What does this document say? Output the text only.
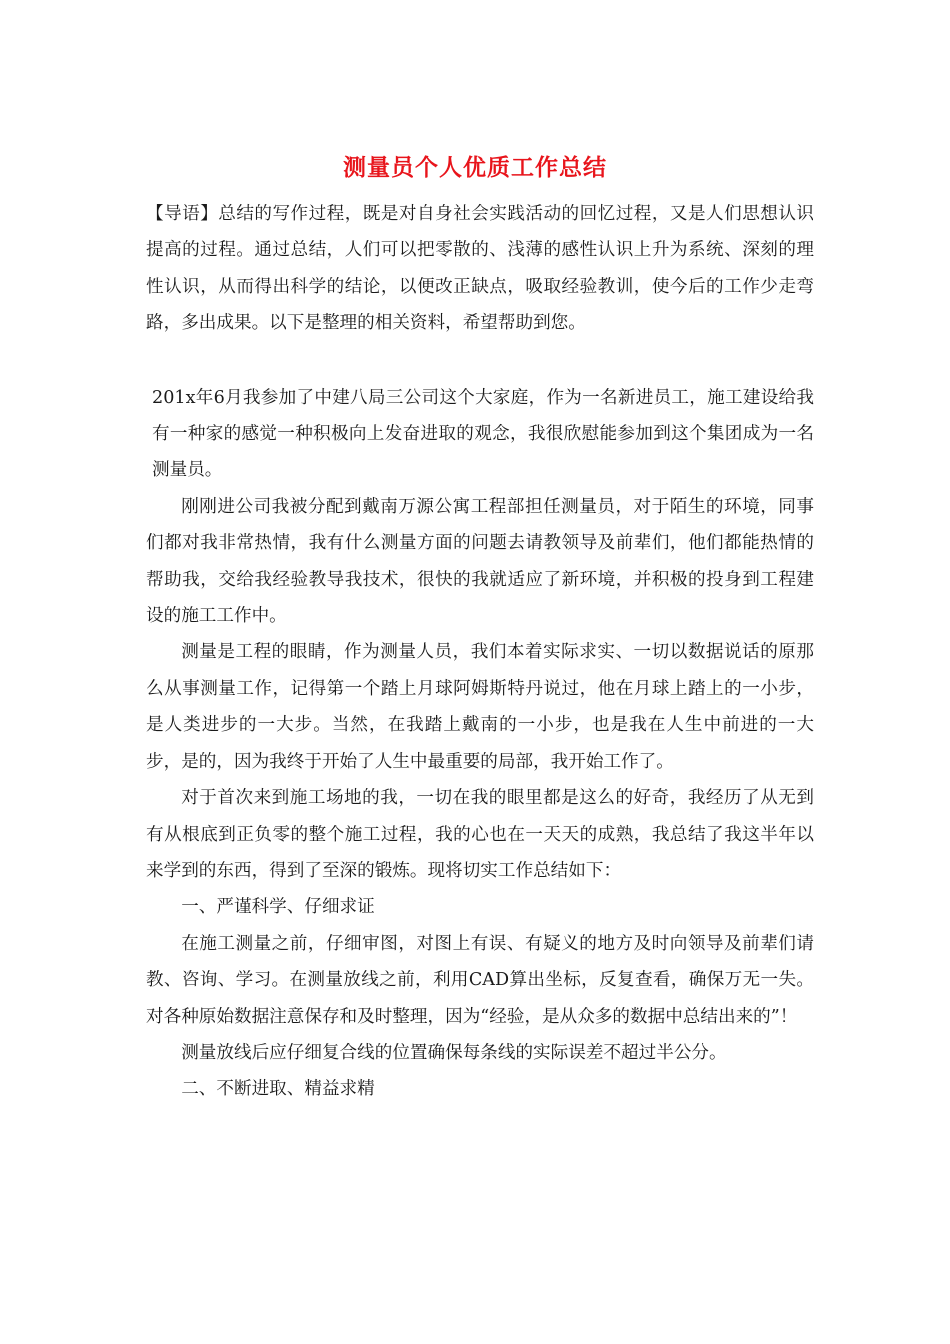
测量员个人优质工作总结

【导语】总结的写作过程，既是对自身社会实践活动的回忆过程，又是人们思想认识提高的过程。通过总结，人们可以把零散的、浅薄的感性认识上升为系统、深刻的理性认识，从而得出科学的结论，以便改正缺点，吸取经验教训，使今后的工作少走弯路，多出成果。以下是整理的相关资料，希望帮助到您。

201x年6月我参加了中建八局三公司这个大家庭，作为一名新进员工，施工建设给我有一种家的感觉一种积极向上发奋进取的观念，我很欣慰能参加到这个集团成为一名测量员。

刚刚进公司我被分配到戴南万源公寓工程部担任测量员，对于陌生的环境，同事们都对我非常热情，我有什么测量方面的问题去请教领导及前辈们，他们都能热情的帮助我，交给我经验教导我技术，很快的我就适应了新环境，并积极的投身到工程建设的施工工作中。

测量是工程的眼睛，作为测量人员，我们本着实际求实、一切以数据说话的原那么从事测量工作，记得第一个踏上月球阿姆斯特丹说过，他在月球上踏上的一小步，是人类进步的一大步。当然，在我踏上戴南的一小步，也是我在人生中前进的一大步，是的，因为我终于开始了人生中最重要的局部，我开始工作了。

对于首次来到施工场地的我，一切在我的眼里都是这么的好奇，我经历了从无到有从根底到正负零的整个施工过程，我的心也在一天天的成熟，我总结了我这半年以来学到的东西，得到了至深的锻炼。现将切实工作总结如下：

一、严谨科学、仔细求证

在施工测量之前，仔细审图，对图上有误、有疑义的地方及时向领导及前辈们请教、咨询、学习。在测量放线之前，利用CAD算出坐标，反复查看，确保万无一失。对各种原始数据注意保存和及时整理，因为“经验，是从众多的数据中总结出来的”！

测量放线后应仔细复合线的位置确保每条线的实际误差不超过半公分。

二、不断进取、精益求精
